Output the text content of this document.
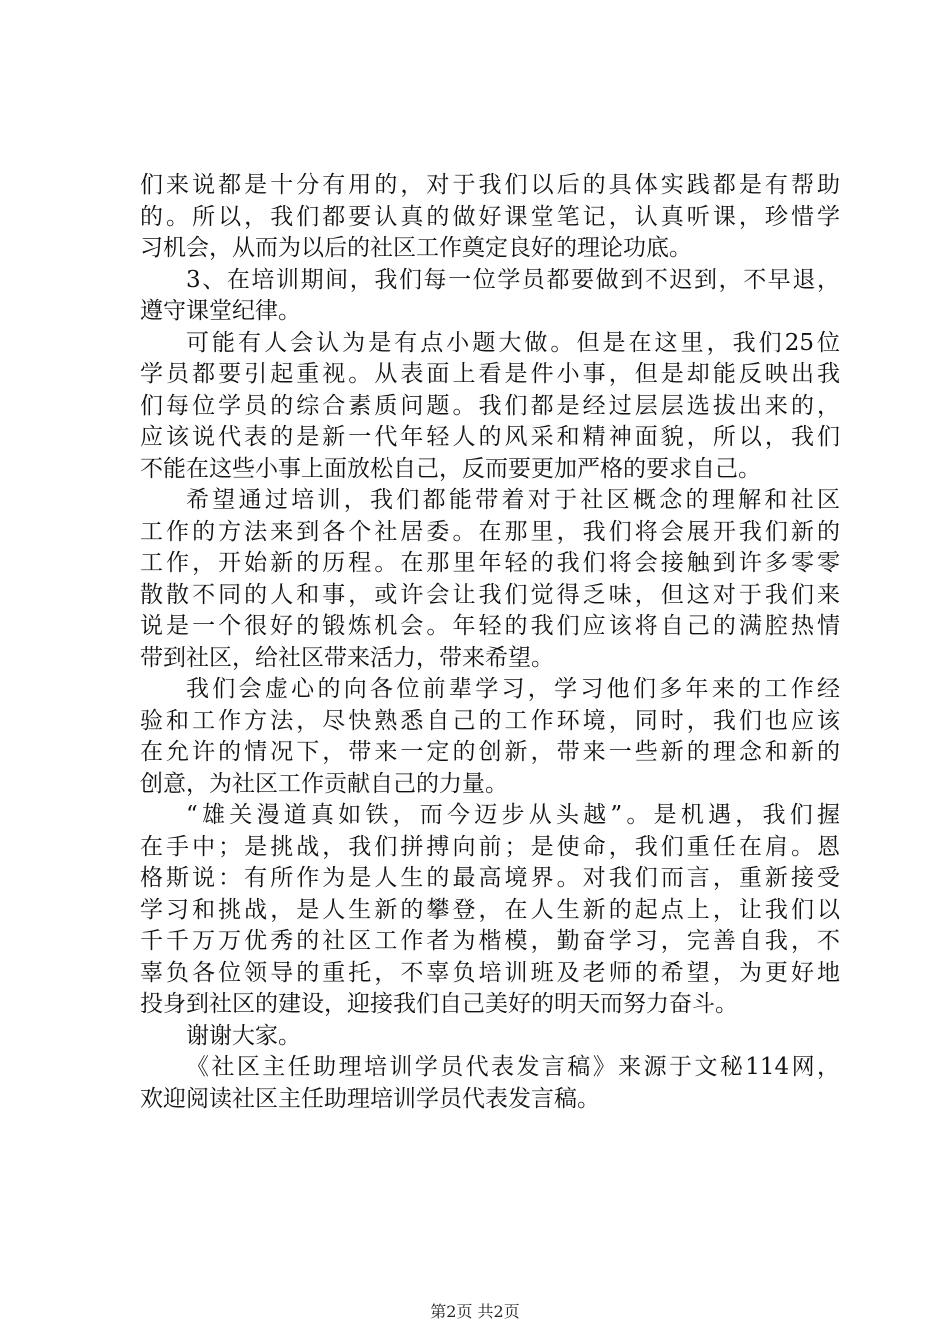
们来说都是十分有用的，对于我们以后的具体实践都是有帮助
的。所以，我们都要认真的做好课堂笔记，认真听课，珍惜学
习机会，从而为以后的社区工作奠定良好的理论功底。
3、在培训期间，我们每一位学员都要做到不迟到，不早退，
遵守课堂纪律。
可能有人会认为是有点小题大做。但是在这里，我们25位
学员都要引起重视。从表面上看是件小事，但是却能反映出我
们每位学员的综合素质问题。我们都是经过层层选拔出来的，
应该说代表的是新一代年轻人的风采和精神面貌，所以，我们
不能在这些小事上面放松自己，反而要更加严格的要求自己。
希望通过培训，我们都能带着对于社区概念的理解和社区
工作的方法来到各个社居委。在那里，我们将会展开我们新的
工作，开始新的历程。在那里年轻的我们将会接触到许多零零
散散不同的人和事，或许会让我们觉得乏味，但这对于我们来
说是一个很好的锻炼机会。年轻的我们应该将自己的满腔热情
带到社区，给社区带来活力，带来希望。
我们会虚心的向各位前辈学习，学习他们多年来的工作经
验和工作方法，尽快熟悉自己的工作环境，同时，我们也应该
在允许的情况下，带来一定的创新，带来一些新的理念和新的
创意，为社区工作贡献自己的力量。
“雄关漫道真如铁，而今迈步从头越”。是机遇，我们握
在手中；是挑战，我们拼搏向前；是使命，我们重任在肩。恩
格斯说：有所作为是人生的最高境界。对我们而言，重新接受
学习和挑战，是人生新的攀登，在人生新的起点上，让我们以
千千万万优秀的社区工作者为楷模，勤奋学习，完善自我，不
辜负各位领导的重托，不辜负培训班及老师的希望，为更好地
投身到社区的建设，迎接我们自己美好的明天而努力奋斗。
谢谢大家。
《社区主任助理培训学员代表发言稿》来源于文秘114网，
欢迎阅读社区主任助理培训学员代表发言稿。
第2页 共2页
